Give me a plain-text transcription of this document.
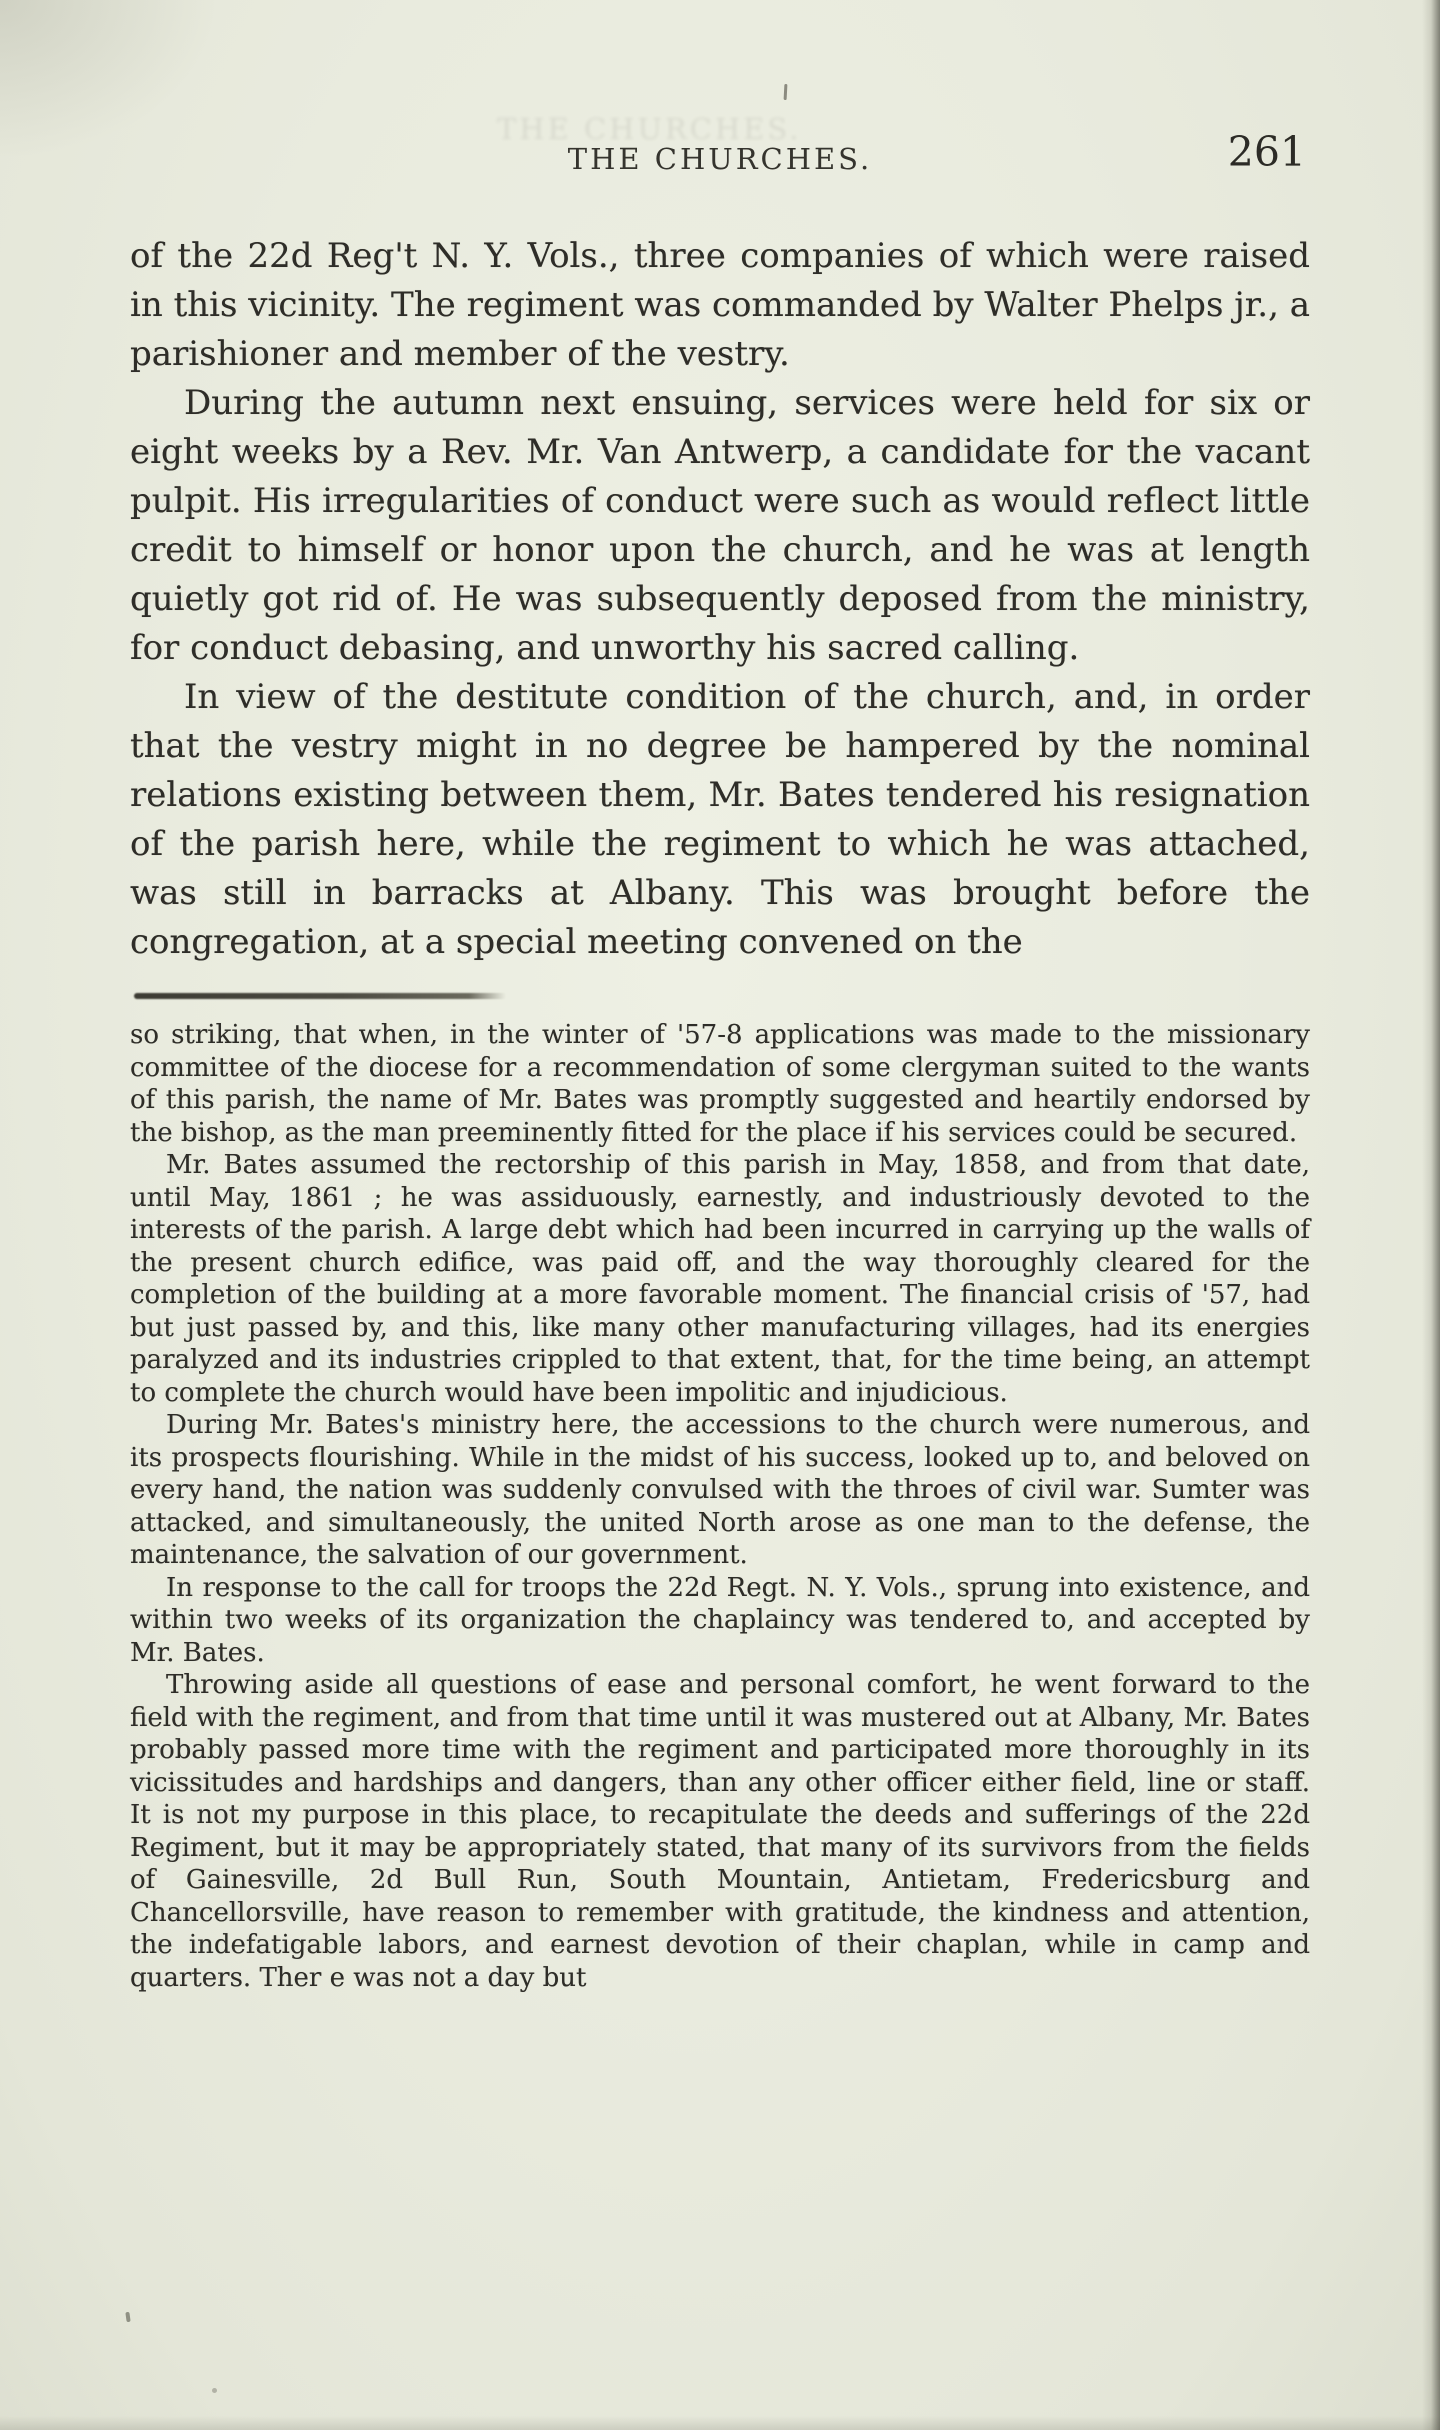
THE CHURCHES.
THE CHURCHES.	261

of the 22d Reg't N. Y. Vols., three companies of which were raised in this vicinity. The regiment was commanded by Walter Phelps jr., a parishioner and member of the vestry.

During the autumn next ensuing, services were held for six or eight weeks by a Rev. Mr. Van Antwerp, a candidate for the vacant pulpit. His irregularities of conduct were such as would reflect little credit to himself or honor upon the church, and he was at length quietly got rid of. He was subsequently deposed from the ministry, for conduct debasing, and unworthy his sacred calling.

In view of the destitute condition of the church, and, in order that the vestry might in no degree be hampered by the nominal relations existing between them, Mr. Bates tendered his resignation of the parish here, while the regiment to which he was attached, was still in barracks at Albany. This was brought before the congregation, at a special meeting convened on the

so striking, that when, in the winter of '57-8 applications was made to the missionary committee of the diocese for a recommendation of some clergyman suited to the wants of this parish, the name of Mr. Bates was promptly suggested and heartily endorsed by the bishop, as the man preeminently fitted for the place if his services could be secured.

Mr. Bates assumed the rectorship of this parish in May, 1858, and from that date, until May, 1861 ; he was assiduously, earnestly, and industriously devoted to the interests of the parish. A large debt which had been incurred in carrying up the walls of the present church edifice, was paid off, and the way thoroughly cleared for the completion of the building at a more favorable moment. The financial crisis of '57, had but just passed by, and this, like many other manufacturing villages, had its energies paralyzed and its industries crippled to that extent, that, for the time being, an attempt to complete the church would have been impolitic and injudicious.

During Mr. Bates's ministry here, the accessions to the church were numerous, and its prospects flourishing. While in the midst of his success, looked up to, and beloved on every hand, the nation was suddenly convulsed with the throes of civil war. Sumter was attacked, and simultaneously, the united North arose as one man to the defense, the maintenance, the salvation of our government.

In response to the call for troops the 22d Regt. N. Y. Vols., sprung into existence, and within two weeks of its organization the chaplaincy was tendered to, and accepted by Mr. Bates.

Throwing aside all questions of ease and personal comfort, he went forward to the field with the regiment, and from that time until it was mustered out at Albany, Mr. Bates probably passed more time with the regiment and participated more thoroughly in its vicissitudes and hardships and dangers, than any other officer either field, line or staff. It is not my purpose in this place, to recapitulate the deeds and sufferings of the 22d Regiment, but it may be appropriately stated, that many of its survivors from the fields of Gainesville, 2d Bull Run, South Mountain, Antietam, Fredericsburg and Chancellorsville, have reason to remember with gratitude, the kindness and attention, the indefatigable labors, and earnest devotion of their chaplan, while in camp and quarters. Ther e was not a day but
